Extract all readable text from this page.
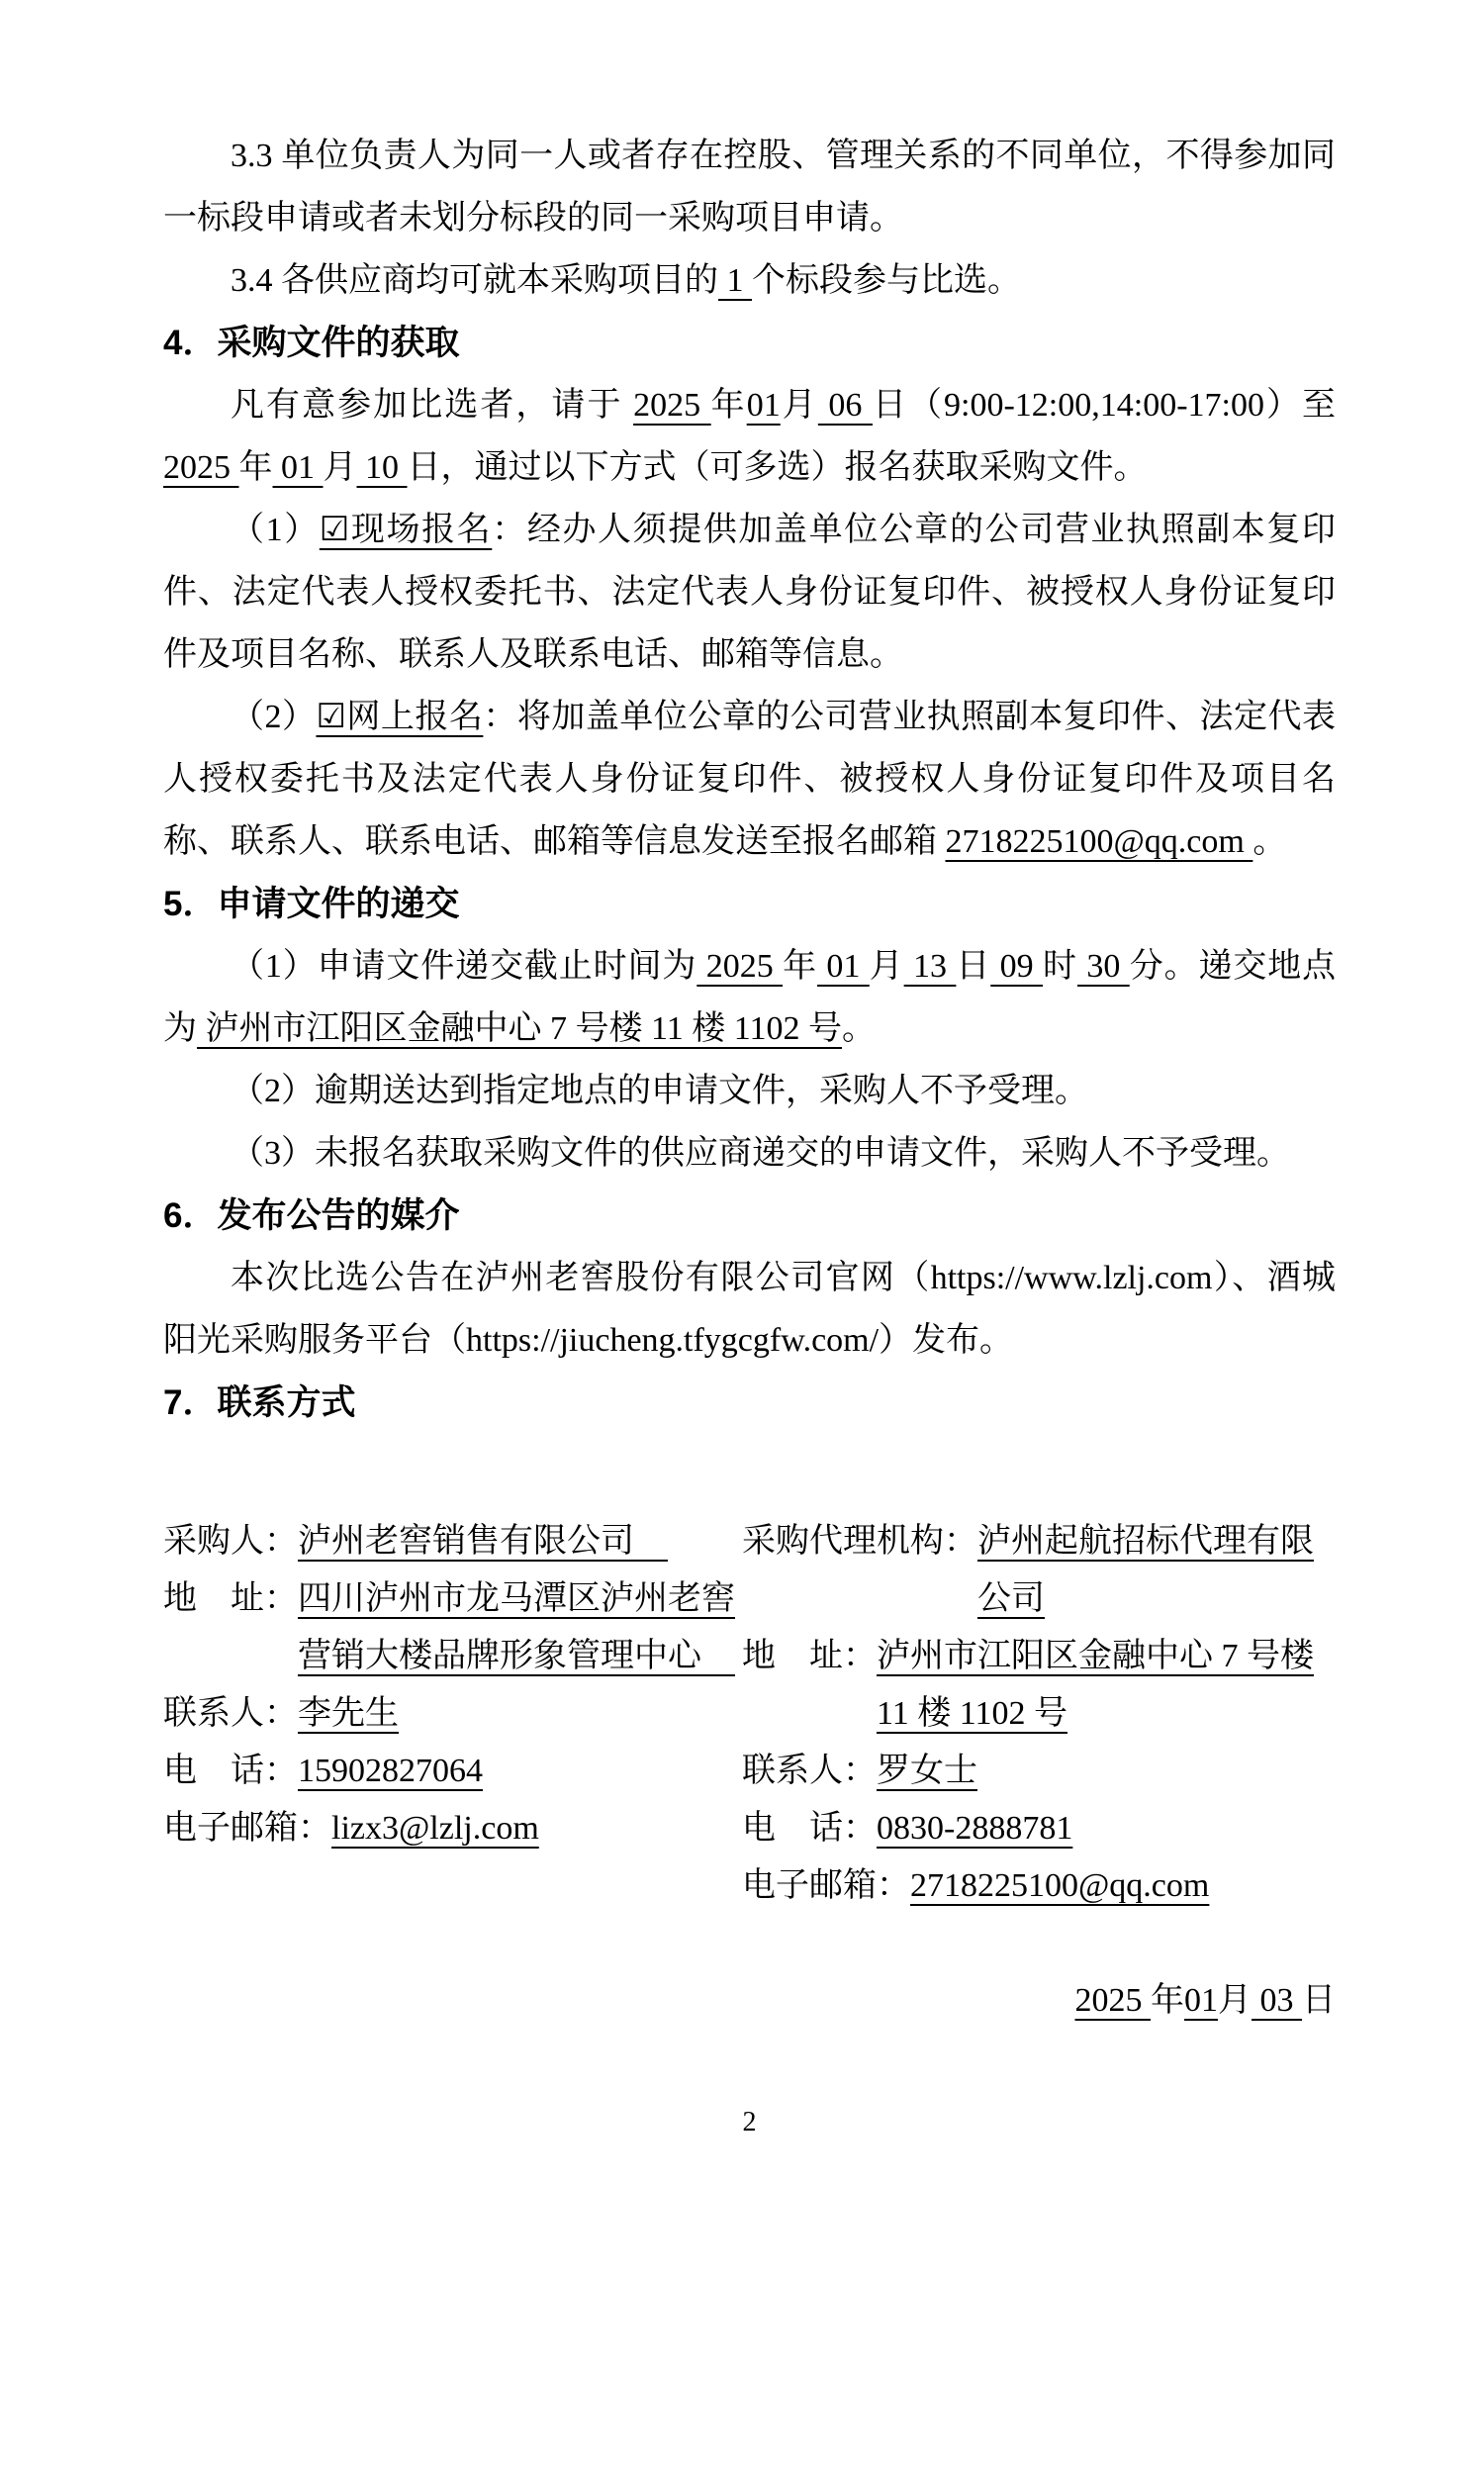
3.3 单位负责人为同一人或者存在控股、管理关系的不同单位，不得参加同一标段申请或者未划分标段的同一采购项目申请。
3.4 各供应商均可就本采购项目的 1 个标段参与比选。
4．采购文件的获取
凡有意参加比选者，请于 2025 年01月 06 日（9:00-12:00,14:00-17:00）至 2025 年 01 月 10 日，通过以下方式（可多选）报名获取采购文件。
（1）☑现场报名：经办人须提供加盖单位公章的公司营业执照副本复印件、法定代表人授权委托书、法定代表人身份证复印件、被授权人身份证复印件及项目名称、联系人及联系电话、邮箱等信息。
（2）☑网上报名：将加盖单位公章的公司营业执照副本复印件、法定代表人授权委托书及法定代表人身份证复印件、被授权人身份证复印件及项目名称、联系人、联系电话、邮箱等信息发送至报名邮箱 2718225100@qq.com 。
5．申请文件的递交
（1）申请文件递交截止时间为 2025 年 01 月 13 日 09 时 30 分。递交地点为 泸州市江阳区金融中心 7 号楼 11 楼 1102 号。
（2）逾期送达到指定地点的申请文件，采购人不予受理。
（3）未报名获取采购文件的供应商递交的申请文件，采购人不予受理。
6．发布公告的媒介
本次比选公告在泸州老窖股份有限公司官网（https://www.lzlj.com）、酒城阳光采购服务平台（https://jiucheng.tfygcgfw.com/）发布。
7．联系方式
采购人： 泸州老窖销售有限公司　
地　址： 四川泸州市龙马潭区泸州老窖营销大楼品牌形象管理中心　
联系人： 李先生
电　话： 15902827064
电子邮箱： lizx3@lzlj.com
采购代理机构： 泸州起航招标代理有限公司
地　址： 泸州市江阳区金融中心 7 号楼 11 楼 1102 号
联系人： 罗女士
电　话： 0830-2888781
电子邮箱： 2718225100@qq.com
2025 年01月 03 日
2
